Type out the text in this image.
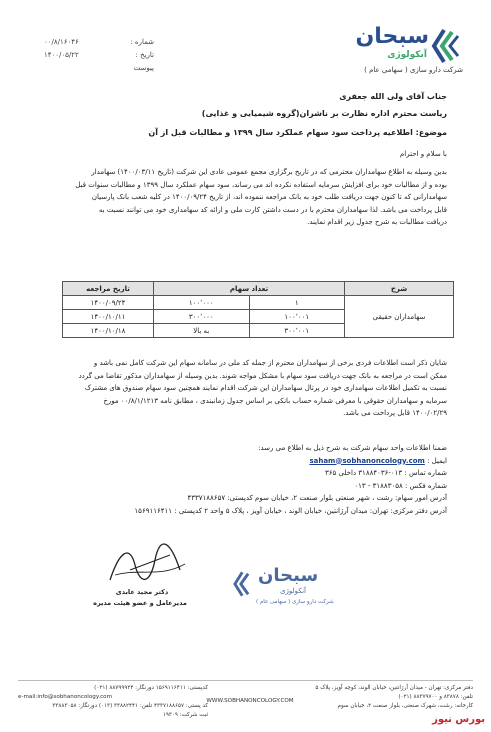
شماره :
۰۰/۸/۱۶۰۴۶
تاریخ :
۱۴۰۰/۰۵/۲۲
پیوست
سبحان
آنکولوژی
شرکت دارو سازی ( سهامی عام )
جناب آقای ولی الله جعفری
ریاست محترم اداره نظارت بر ناشران(گروه شیمیایی و غذایی)
موضوع: اطلاعیه پرداخت سود سهام عملکرد سال ۱۳۹۹ و مطالبات قبل از آن
با سلام و احترام
بدین وسیله به اطلاع سهامداران محترمی که در تاریخ برگزاری مجمع عمومی عادی این شرکت (تاریخ ۱۴۰۰/۰۳/۱۱) سهامدار
بوده و از مطالبات خود برای افزایش سرمایه استفاده نکرده اند می رساند، سود سهام عملکرد سال ۱۳۹۹ و مطالبات سنوات قبل
سهامدارانی که تا کنون جهت دریافت طلب خود به بانک مراجعه ننموده اند، از تاریخ ۱۴۰۰/۰۹/۲۴ در کلیه شعب بانک پارسیان
قابل پرداخت می باشد. لذا سهامداران محترم با در دست داشتن کارت ملی و ارائه کد سهامداری خود می توانند نسبت به
دریافت مطالبات به شرح جدول زیر اقدام نمایند.
شرح	تعداد سهام		تاریخ مراجعه
سهامداران حقیقی	۱	۱۰۰٬۰۰۰	۱۴۰۰/۰۹/۲۴
	۱۰۰٬۰۰۱	۳۰۰٬۰۰۰	۱۴۰۰/۱۰/۱۱
	۳۰۰٬۰۰۱	به بالا	۱۴۰۰/۱۰/۱۸
شایان ذکر است اطلاعات فردی برخی از سهامداران محترم از جمله کد ملی در سامانه سهام این شرکت کامل نمی باشد و
ممکن است در مراجعه به بانک جهت دریافت سود سهام با مشکل مواجه شوند. بدین وسیله از سهامداران مذکور تقاضا می گردد
نسبت به تکمیل اطلاعات سهامداری خود در پرتال سهامداران این شرکت اقدام نمایند همچنین سود سهام صندوق های مشترک
سرمایه و سهامداران حقوقی با معرفی شماره حساب بانکی بر اساس جدول زمانبندی ، مطابق نامه ۰۰/۸/۱/۱۲۱۳ مورخ
۱۴۰۰/۰۲/۲۹ قابل پرداخت می باشد.
ضمنا اطلاعات واحد سهام شرکت به شرح ذیل به اطلاع می رسد:
ایمیل : saham@sobhanoncology.com
شماره تماس : ۰۱۳-۳۱۸۸۴۰۳۶ داخلی ۳۶۵
شماره فکس : ۳۱۸۸۳۰۵۸ - ۰۱۳
آدرس امور سهام: رشت ، شهر صنعتی بلوار صنعت ۲، خیابان سوم کدپستی: ۴۳۳۷۱۸۸۶۵۷
آدرس دفتر مرکزی: تهران: میدان آرژانتین، خیابان الوند ، خیابان آویز ، پلاک ۵ واحد ۲ کدپستی : ۱۵۶۹۱۱۶۴۱۱
دکتر مجید عابدی
مدیرعامل و عضو هیئت مدیره
سبحان
آنکولوژی
شرکت دارو سازی ( سهامی عام )
دفتر مرکزی: تهران - میدان آرژانتین، خیابان الوند، کوچه آویز، پلاک ۵
تلفن: ۸۳۸۷۸ و ۸۸۳۷۹۷۰۰ (۰۲۱)
کارخانه: رشت، شهرک صنعتی، بلوار صنعت ۲، خیابان سوم
کدپستی: ۱۵۶۹۱۱۶۴۱۱ دورنگار: ۸۸۷۹۹۹۲۴ (۰۲۱)
e-mail:info@sobhanoncology.com
کد پستی: ۴۳۳۷۱۸۸۶۵۷ تلفن: ۳۳۸۸۲۴۴۱ (۰۱۳) دورنگار: ۳۳۸۸۳۰۵۸
ثبت شرکت: ۱۹۳۰۹
WWW.SOBHANONCOLOGY.COM
بورس نیوز
